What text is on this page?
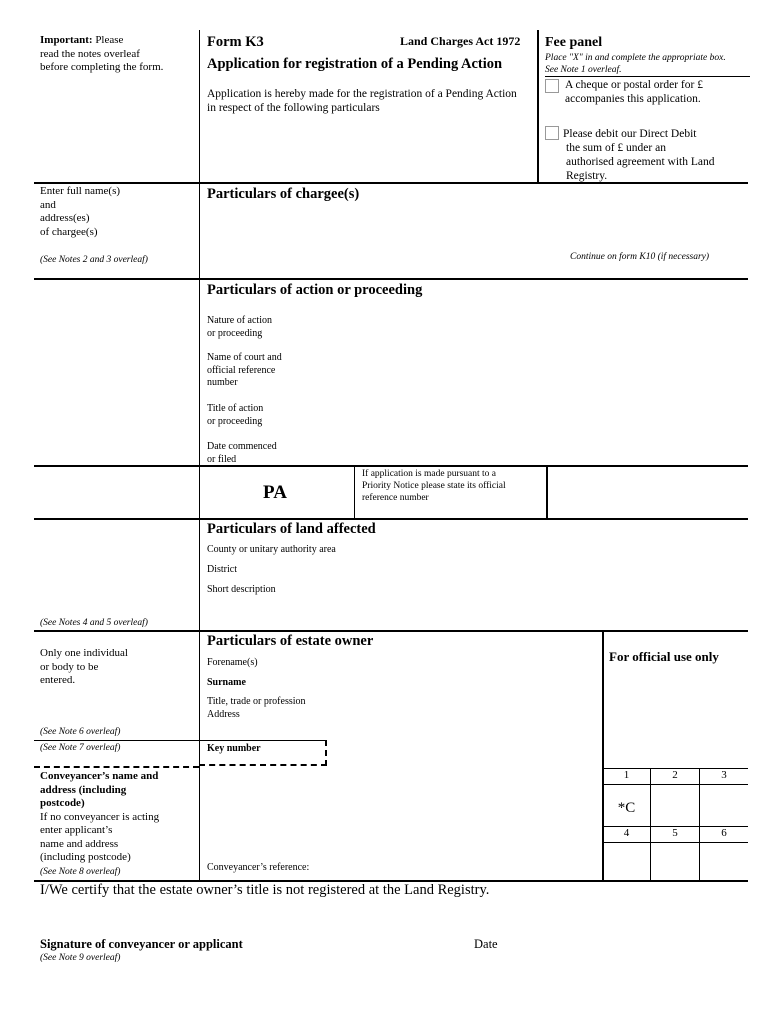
Important: Please
read the notes overleaf
before completing the form.
Form K3	Land Charges Act 1972
Application for registration of a Pending Action
Application is hereby made for the registration of a Pending Action in respect of the following particulars
Fee panel
Place "X" in and complete the appropriate box. See Note 1 overleaf.
A cheque or postal order for £ accompanies this application.
Please debit our Direct Debit
the sum of £ under an
authorised agreement with Land
Registry.
Enter full name(s)
and
address(es)
of chargee(s)
(See Notes 2 and 3 overleaf)
Particulars of chargee(s)
Continue on form K10 (if necessary)
Particulars of action or proceeding
Nature of action
or proceeding
Name of court and
official reference
number
Title of action
or proceeding
Date commenced
or filed
PA
If application is made pursuant to a
Priority Notice please state its official
reference number
Particulars of land affected
County or unitary authority area
District
Short description
(See Notes 4 and 5 overleaf)
Only one individual
or body to be
entered.
(See Note 6 overleaf)
(See Note 7 overleaf)
Particulars of estate owner
Forename(s)
Surname
Title, trade or profession
Address
Key number
For official use only
1	2	3
*C
4	5	6
Conveyancer’s name and
address (including
postcode)
If no conveyancer is acting
enter applicant’s
name and address
(including postcode)
(See Note 8 overleaf)	Conveyancer’s reference:
I/We certify that the estate owner’s title is not registered at the Land Registry.
Signature of conveyancer or applicant
(See Note 9 overleaf)
Date
